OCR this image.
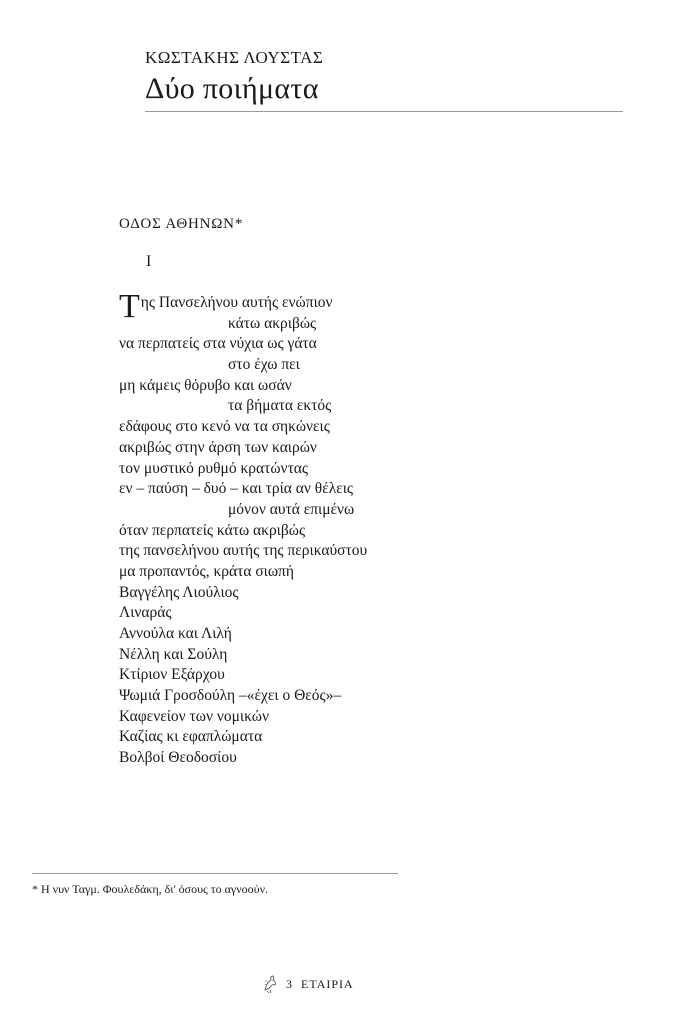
ΚΩΣΤΑΚΗΣ ΛΟΥΣΤΑΣ
Δύο ποιήματα
ΟΔΟΣ ΑΘΗΝΩΝ*
Ι
Της Πανσελήνου αυτής ενώπιον
κάτω ακριβώς
να περπατείς στα νύχια ως γάτα
στο έχω πει
μη κάμεις θόρυβο και ωσάν
τα βήματα εκτός
εδάφους στο κενό να τα σηκώνεις
ακριβώς στην άρση των καιρών
τον μυστικό ρυθμό κρατώντας
εν – παύση – δυό – και τρία αν θέλεις
μόνον αυτά επιμένω
όταν περπατείς κάτω ακριβώς
της πανσελήνου αυτής της περικαύστου
μα προπαντός, κράτα σιωπή
Βαγγέλης Λιούλιος
Λιναράς
Αννούλα και Λιλή
Νέλλη και Σούλη
Κτίριον Εξάρχου
Ψωμιά Γροσδούλη –«έχει ο Θεός»–
Καφενείον των νομικών
Καζίας κι εφαπλώματα
Βολβοί Θεοδοσίου
* Η νυν Ταγμ. Φουλεδάκη, δι' όσους το αγνοούν.
3 ΕΤΑΙΡΙΑ
